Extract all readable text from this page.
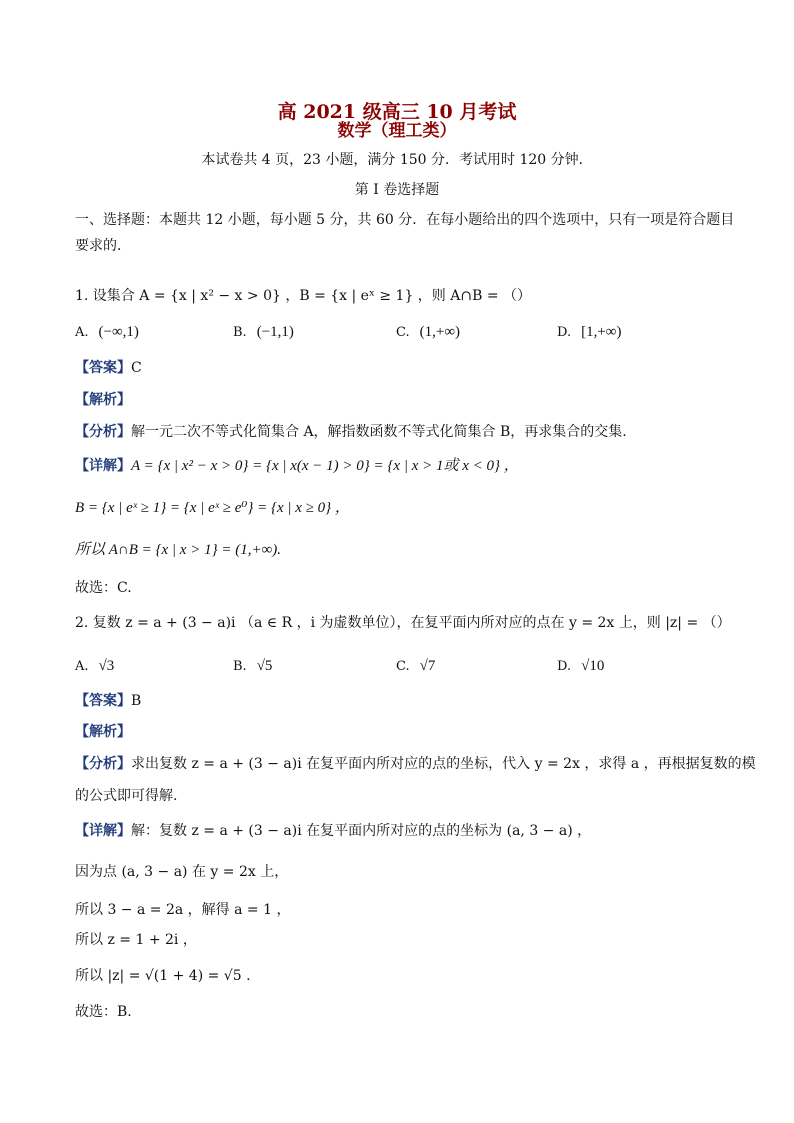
高 2021 级高三 10 月考试
数学（理工类）
本试卷共 4 页，23 小题，满分 150 分．考试用时 120 分钟．
第 I 卷选择题
一、选择题：本题共 12 小题，每小题 5 分，共 60 分．在每小题给出的四个选项中，只有一项是符合题目
要求的．
1. 设集合 A = {x | x² − x > 0} ，B = {x | eˣ ≥ 1} ，则 A∩B = （）
A. (−∞,1)	B. (−1,1)	C. (1,+∞)	D. [1,+∞)
【答案】C
【解析】
【分析】解一元二次不等式化简集合 A，解指数函数不等式化简集合 B，再求集合的交集.
【详解】A = {x | x² − x > 0} = {x | x(x − 1) > 0} = {x | x > 1或 x < 0} ，
B = {x | eˣ ≥ 1} = {x | eˣ ≥ e⁰} = {x | x ≥ 0} ，
所以 A∩B = {x | x > 1} = (1,+∞).
故选：C.
2. 复数 z = a + (3 − a)i （a ∈ R ，i 为虚数单位），在复平面内所对应的点在 y = 2x 上，则 |z| = （）
A. √3	B. √5	C. √7	D. √10
【答案】B
【解析】
【分析】求出复数 z = a + (3 − a)i 在复平面内所对应的点的坐标，代入 y = 2x ，求得 a ，再根据复数的模
的公式即可得解.
【详解】解：复数 z = a + (3 − a)i 在复平面内所对应的点的坐标为 (a, 3 − a) ，
因为点 (a, 3 − a) 在 y = 2x 上，
所以 3 − a = 2a ，解得 a = 1 ，
所以 z = 1 + 2i ，
所以 |z| = √(1 + 4) = √5 .
故选：B.
